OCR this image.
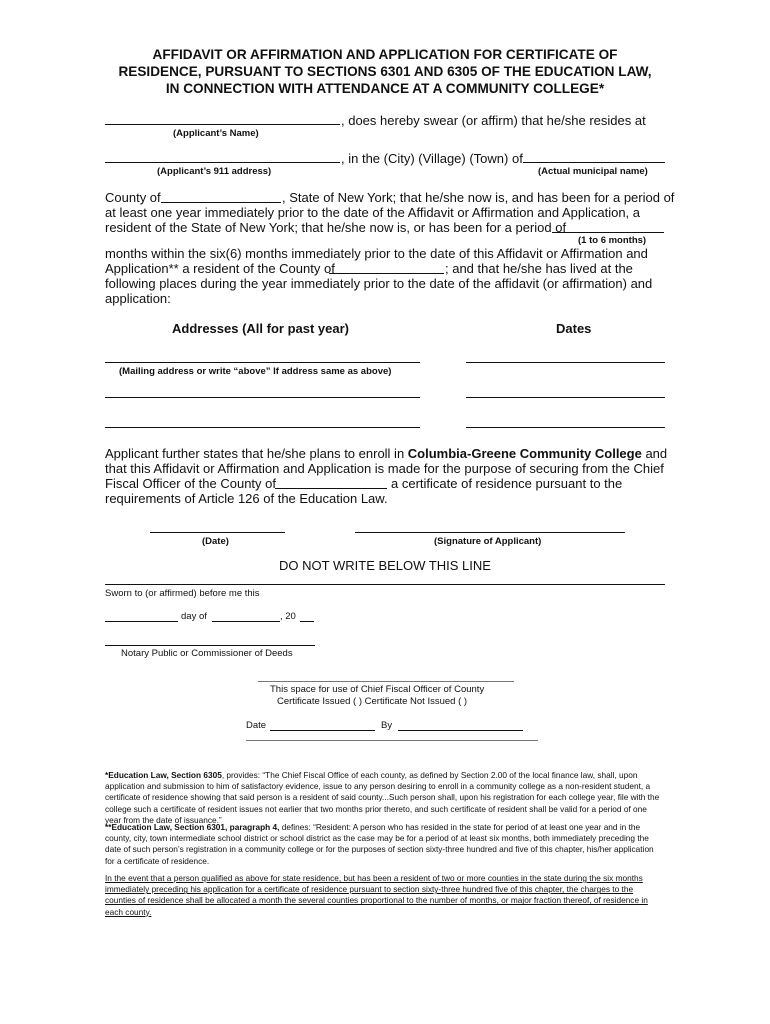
AFFIDAVIT OR AFFIRMATION AND APPLICATION FOR CERTIFICATE OF
RESIDENCE, PURSUANT TO SECTIONS 6301 AND 6305 OF THE EDUCATION LAW,
IN CONNECTION WITH ATTENDANCE AT A COMMUNITY COLLEGE*
, does hereby swear (or affirm) that he/she resides at
(Applicant’s Name)
, in the (City) (Village) (Town) of
(Applicant’s 911 address)	(Actual municipal name)
County of	, State of New York; that he/she now is, and has been for a period of
at least one year immediately prior to the date of the Affidavit or Affirmation and Application, a
resident of the State of New York; that he/she now is, or has been for a period of
(1 to 6 months)
months within the six(6) months immediately prior to the date of this Affidavit or Affirmation and
Application** a resident of the County of	; and that he/she has lived at the
following places during the year immediately prior to the date of the affidavit (or affirmation) and
application:
Addresses (All for past year)	Dates
(Mailing address or write “above” If address same as above)
Applicant further states that he/she plans to enroll in Columbia-Greene Community College and
that this Affidavit or Affirmation and Application is made for the purpose of securing from the Chief
Fiscal Officer of the County of	a certificate of residence pursuant to the
requirements of Article 126 of the Education Law.
(Date)	(Signature of Applicant)
DO NOT WRITE BELOW THIS LINE
Sworn to (or affirmed) before me this
day of	, 20
Notary Public or Commissioner of Deeds
This space for use of Chief Fiscal Officer of County
Certificate Issued ( ) Certificate Not Issued ( )
Date	By
*Education Law, Section 6305, provides: “The Chief Fiscal Office of each county, as defined by Section 2.00 of the local finance law, shall, upon application and submission to him of satisfactory evidence, issue to any person desiring to enroll in a community college as a non-resident student, a certificate of residence showing that said person is a resident of said county...Such person shall, upon his registration for each college year, file with the college such a certificate of resident issues not earlier that two months prior thereto, and such certificate of resident shall be valid for a period of one year from the date of issuance.”
**Education Law, Section 6301, paragraph 4, defines: “Resident: A person who has resided in the state for period of at least one year and in the county, city, town intermediate school district or school district as the case may be for a period of at least six months, both immediately preceding the date of such person’s registration in a community college or for the purposes of section sixty-three hundred and five of this chapter, his/her application for a certificate of residence.
In the event that a person qualified as above for state residence, but has been a resident of two or more counties in the state during the six months immediately preceding his application for a certificate of residence pursuant to section sixty-three hundred five of this chapter, the charges to the counties of residence shall be allocated a month the several counties proportional to the number of months, or major fraction thereof, of residence in each county.
